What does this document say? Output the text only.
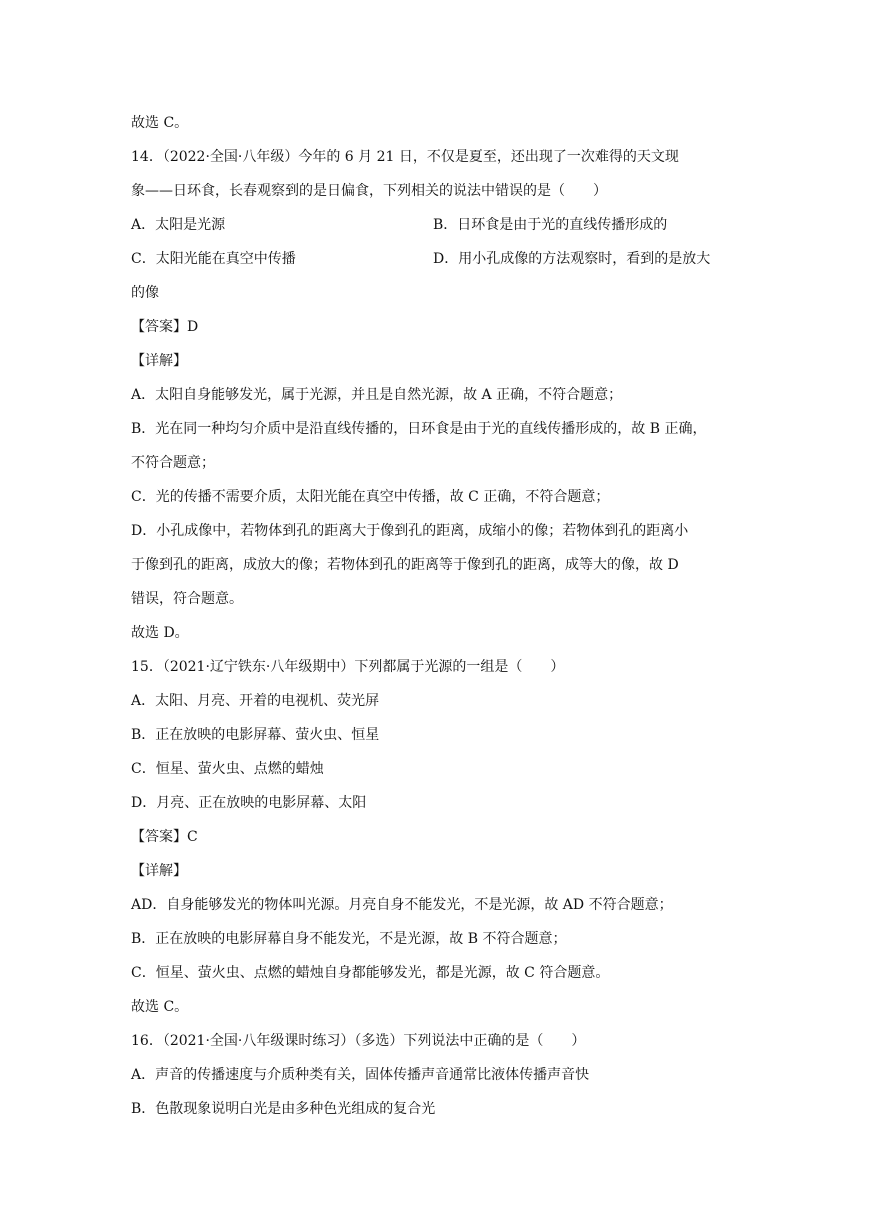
故选 C。
14．（2022·全国·八年级）今年的 6 月 21 日，不仅是夏至，还出现了一次难得的天文现
象——日环食，长春观察到的是日偏食，下列相关的说法中错误的是（　　）
A．太阳是光源	B．日环食是由于光的直线传播形成的
C．太阳光能在真空中传播	D．用小孔成像的方法观察时，看到的是放大
的像
【答案】D
【详解】
A．太阳自身能够发光，属于光源，并且是自然光源，故 A 正确，不符合题意；
B．光在同一种均匀介质中是沿直线传播的，日环食是由于光的直线传播形成的，故 B 正确，
不符合题意；
C．光的传播不需要介质，太阳光能在真空中传播，故 C 正确，不符合题意；
D．小孔成像中，若物体到孔的距离大于像到孔的距离，成缩小的像；若物体到孔的距离小
于像到孔的距离，成放大的像；若物体到孔的距离等于像到孔的距离，成等大的像，故 D
错误，符合题意。
故选 D。
15．（2021·辽宁铁东·八年级期中）下列都属于光源的一组是（　　）
A．太阳、月亮、开着的电视机、荧光屏
B．正在放映的电影屏幕、萤火虫、恒星
C．恒星、萤火虫、点燃的蜡烛
D．月亮、正在放映的电影屏幕、太阳
【答案】C
【详解】
AD．自身能够发光的物体叫光源。月亮自身不能发光，不是光源，故 AD 不符合题意；
B．正在放映的电影屏幕自身不能发光，不是光源，故 B 不符合题意；
C．恒星、萤火虫、点燃的蜡烛自身都能够发光，都是光源，故 C 符合题意。
故选 C。
16．（2021·全国·八年级课时练习）（多选）下列说法中正确的是（　　）
A．声音的传播速度与介质种类有关，固体传播声音通常比液体传播声音快
B．色散现象说明白光是由多种色光组成的复合光
